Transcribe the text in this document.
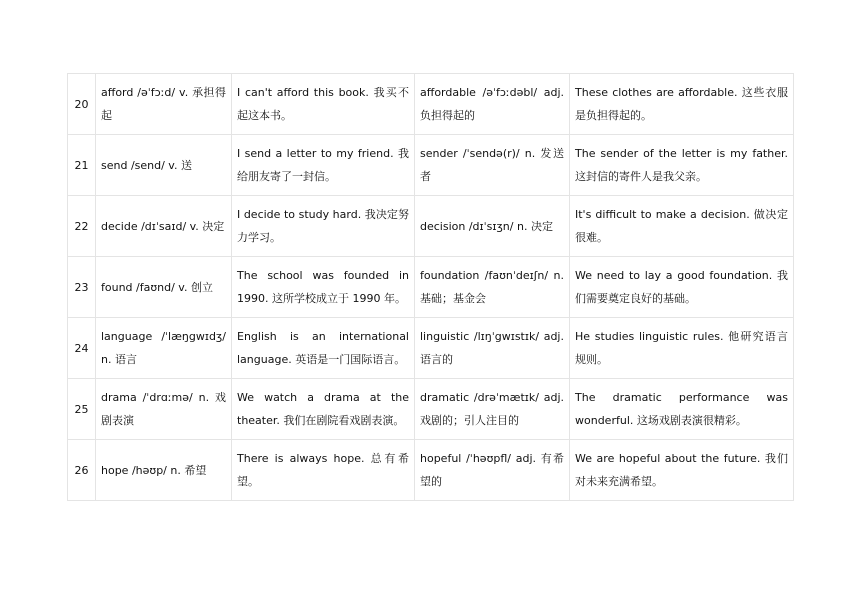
20	afford /əˈfɔːd/ v. 承担得起	I can't afford this book. 我买不起这本书。	affordable /əˈfɔːdəbl/ adj. 负担得起的	These clothes are affordable. 这些衣服是负担得起的。
21	send /send/ v. 送	I send a letter to my friend. 我给朋友寄了一封信。	sender /ˈsendə(r)/ n. 发送者	The sender of the letter is my father. 这封信的寄件人是我父亲。
22	decide /dɪˈsaɪd/ v. 决定	I decide to study hard. 我决定努力学习。	decision /dɪˈsɪʒn/ n. 决定	It's difficult to make a decision. 做决定很难。
23	found /faʊnd/ v. 创立	The school was founded in 1990. 这所学校成立于 1990 年。	foundation /faʊnˈdeɪʃn/ n. 基础；基金会	We need to lay a good foundation. 我们需要奠定良好的基础。
24	language /ˈlæŋgwɪdʒ/ n. 语言	English is an international language. 英语是一门国际语言。	linguistic /lɪŋˈgwɪstɪk/ adj. 语言的	He studies linguistic rules. 他研究语言规则。
25	drama /ˈdrɑːmə/ n. 戏剧表演	We watch a drama at the theater. 我们在剧院看戏剧表演。	dramatic /drəˈmætɪk/ adj. 戏剧的；引人注目的	The dramatic performance was wonderful. 这场戏剧表演很精彩。
26	hope /həʊp/ n. 希望	There is always hope. 总有希望。	hopeful /ˈhəʊpfl/ adj. 有希望的	We are hopeful about the future. 我们对未来充满希望。
